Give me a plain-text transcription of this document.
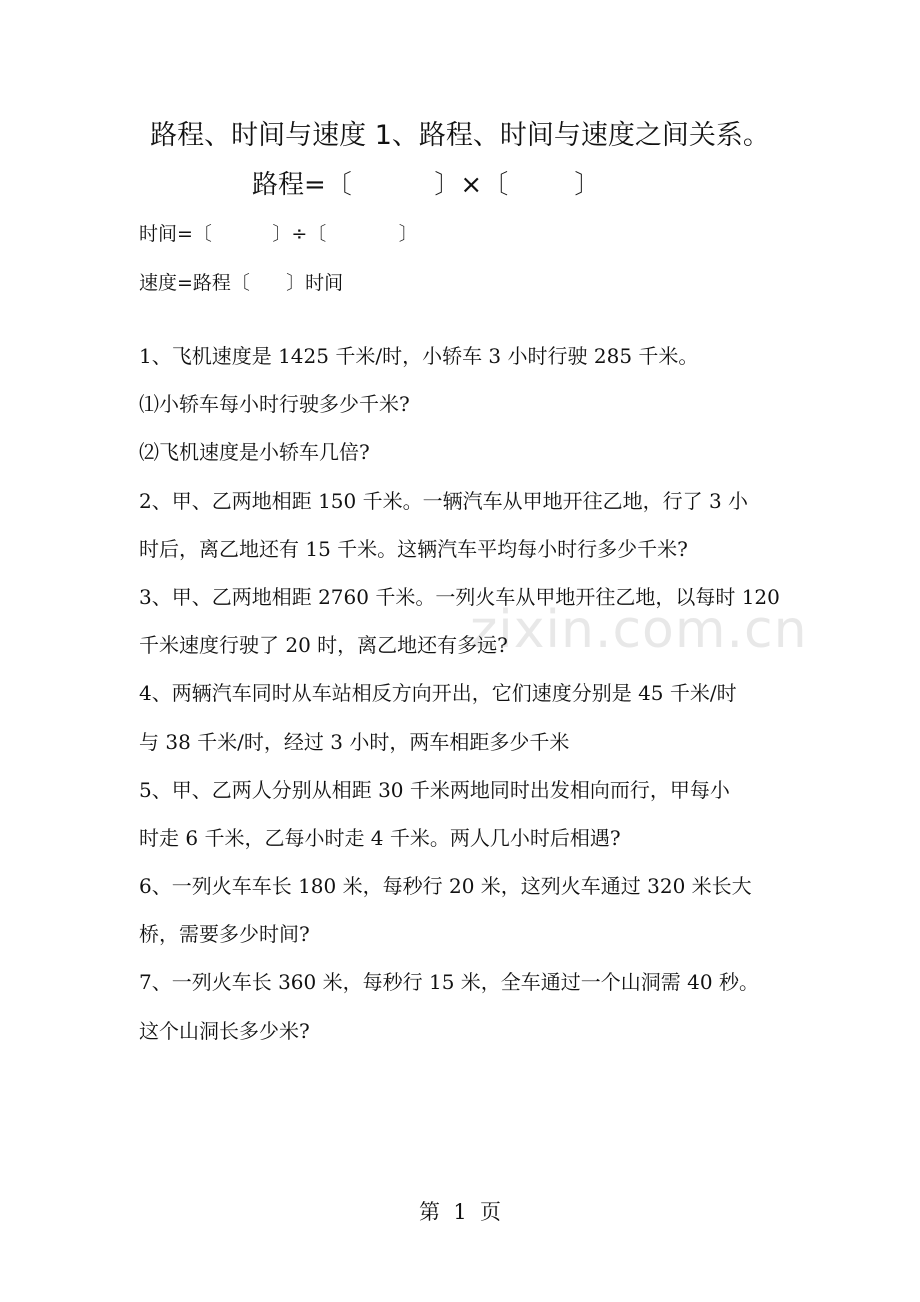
zixin.com.cn
路程、时间与速度 1、路程、时间与速度之间关系。
路程=〔          〕×〔        〕
时间=〔          〕÷〔            〕
速度=路程〔      〕时间
1、飞机速度是 1425 千米/时，小轿车 3 小时行驶 285 千米。
⑴小轿车每小时行驶多少千米?
⑵飞机速度是小轿车几倍?
2、甲、乙两地相距 150 千米。一辆汽车从甲地开往乙地，行了 3 小
时后，离乙地还有 15 千米。这辆汽车平均每小时行多少千米?
3、甲、乙两地相距 2760 千米。一列火车从甲地开往乙地，以每时 120
千米速度行驶了 20 时，离乙地还有多远?
4、两辆汽车同时从车站相反方向开出，它们速度分别是 45 千米/时
与 38 千米/时，经过 3 小时，两车相距多少千米
5、甲、乙两人分别从相距 30 千米两地同时出发相向而行，甲每小
时走 6 千米，乙每小时走 4 千米。两人几小时后相遇?
6、一列火车车长 180 米，每秒行 20 米，这列火车通过 320 米长大
桥，需要多少时间?
7、一列火车长 360 米，每秒行 15 米，全车通过一个山洞需 40 秒。
这个山洞长多少米?
第  1  页
